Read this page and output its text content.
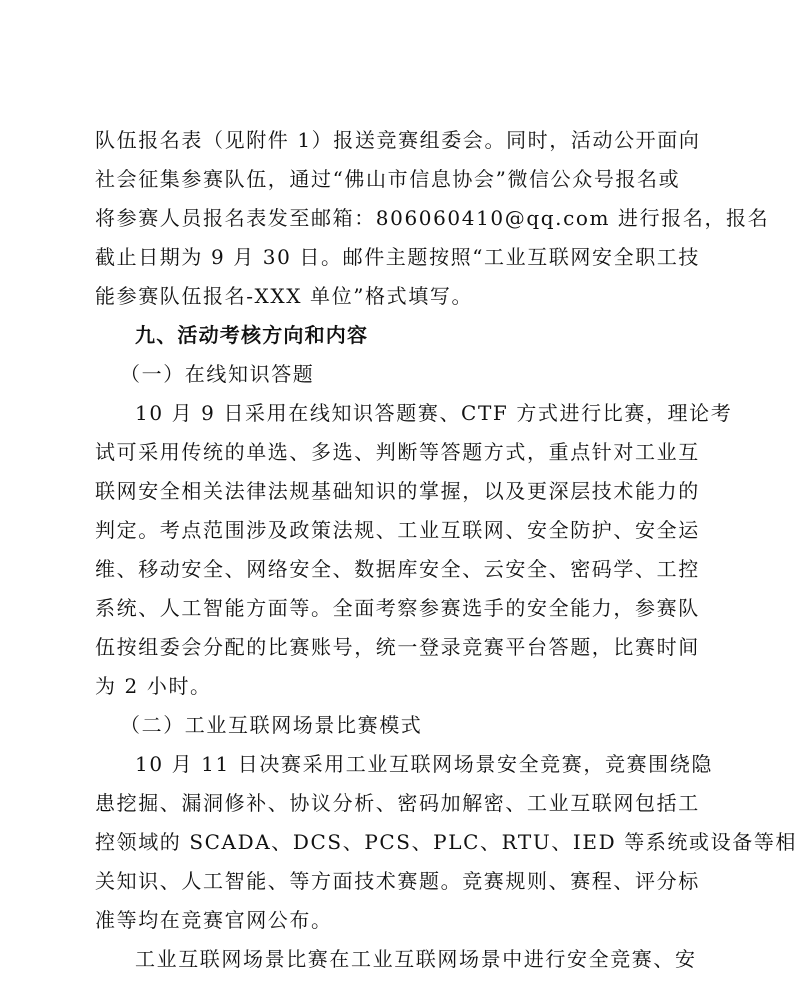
队伍报名表（见附件 1）报送竞赛组委会。同时，活动公开面向

社会征集参赛队伍，通过“佛山市信息协会”微信公众号报名或

将参赛人员报名表发至邮箱：806060410@qq.com 进行报名，报名

截止日期为 9 月 30 日。邮件主题按照“工业互联网安全职工技

能参赛队伍报名-XXX 单位”格式填写。

九、活动考核方向和内容

（一）在线知识答题

10 月 9 日采用在线知识答题赛、CTF 方式进行比赛，理论考

试可采用传统的单选、多选、判断等答题方式，重点针对工业互

联网安全相关法律法规基础知识的掌握，以及更深层技术能力的

判定。考点范围涉及政策法规、工业互联网、安全防护、安全运

维、移动安全、网络安全、数据库安全、云安全、密码学、工控

系统、人工智能方面等。全面考察参赛选手的安全能力，参赛队

伍按组委会分配的比赛账号，统一登录竞赛平台答题，比赛时间

为 2 小时。

（二）工业互联网场景比赛模式

10 月 11 日决赛采用工业互联网场景安全竞赛，竞赛围绕隐

患挖掘、漏洞修补、协议分析、密码加解密、工业互联网包括工

控领域的 SCADA、DCS、PCS、PLC、RTU、IED 等系统或设备等相

关知识、人工智能、等方面技术赛题。竞赛规则、赛程、评分标

准等均在竞赛官网公布。

工业互联网场景比赛在工业互联网场景中进行安全竞赛、安
